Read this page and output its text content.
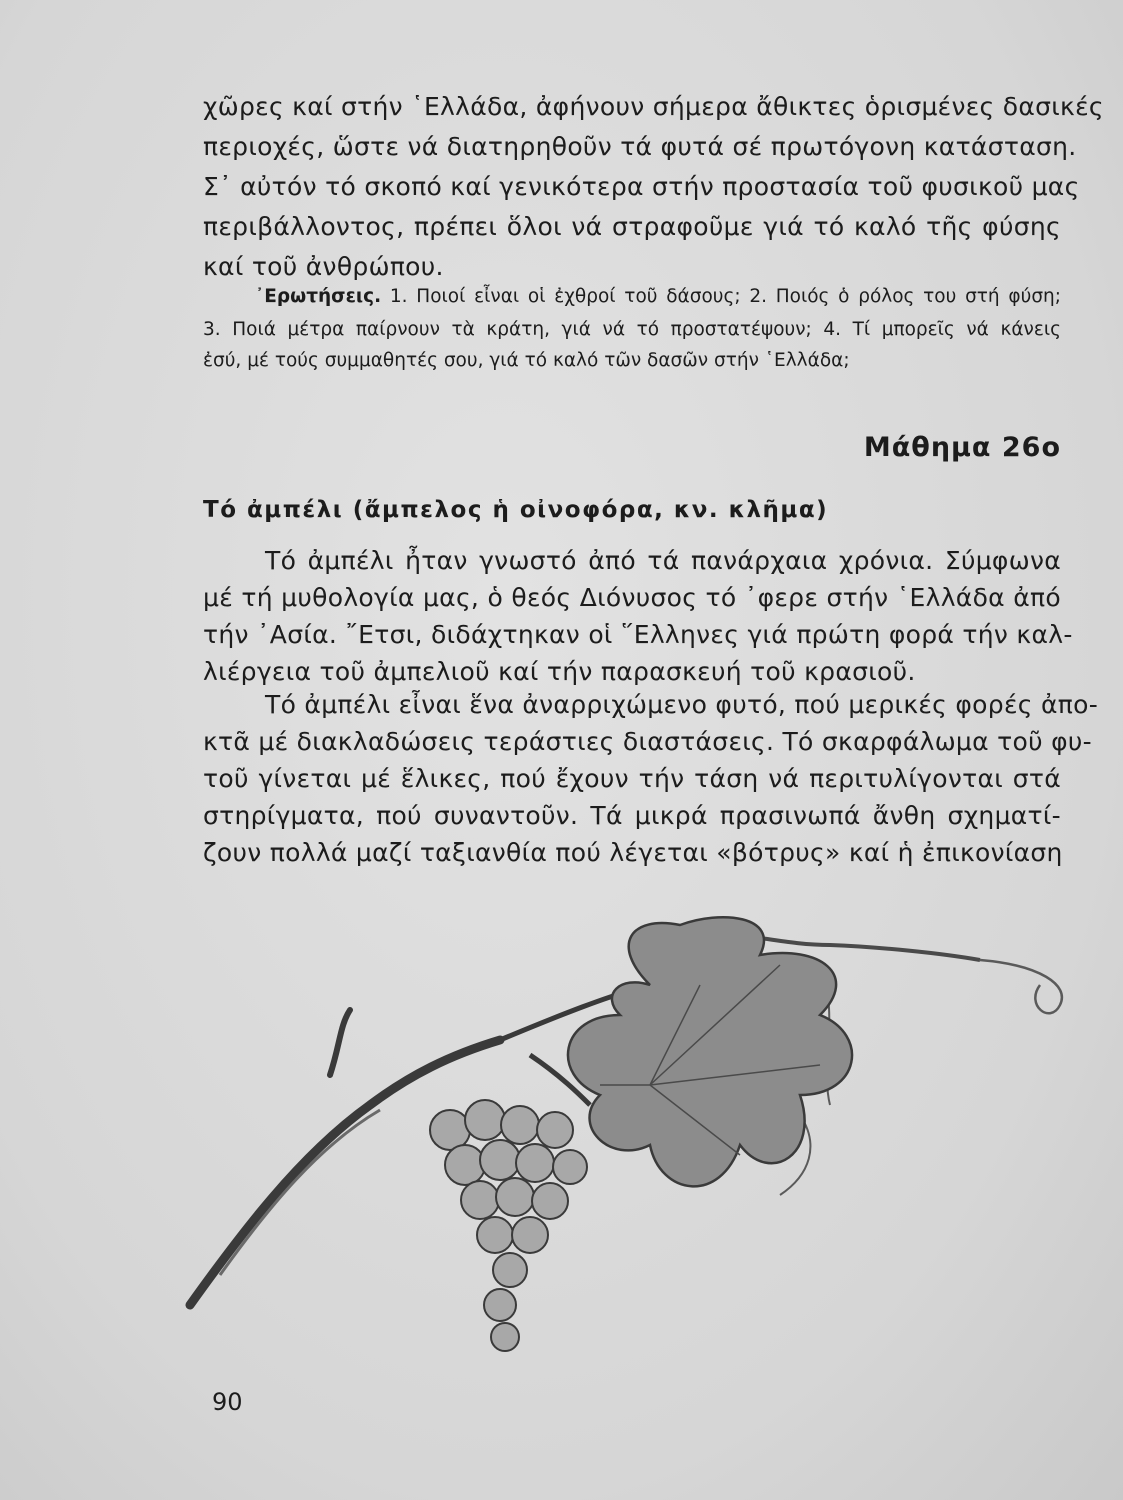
χῶρες καί στήν ῾Ελλάδα, ἀφήνουν σήμερα ἄθικτες ὁρισμένες δασικές
περιοχές, ὥστε νά διατηρηθοῦν τά φυτά σέ πρωτόγονη κατάσταση.
Σ᾿ αὐτόν τό σκοπό καί γενικότερα στήν προστασία τοῦ φυσικοῦ μας
περιβάλλοντος, πρέπει ὅλοι νά στραφοῦμε γιά τό καλό τῆς φύσης
καί τοῦ ἀνθρώπου.
᾿Ερωτήσεις. 1. Ποιοί εἶναι οἱ ἐχθροί τοῦ δάσους; 2. Ποιός ὁ ρόλος του στή φύση;
3. Ποιά μέτρα παίρνουν τὰ κράτη, γιά νά τό προστατέψουν; 4. Τί μπορεῖς νά κάνεις
ἐσύ, μέ τούς συμμαθητές σου, γιά τό καλό τῶν δασῶν στήν ῾Ελλάδα;
Μάθημα 26ο
Τό ἀμπέλι (ἄμπελος ἡ οἰνοφόρα, κν. κλῆμα)
Τό ἀμπέλι ἦταν γνωστό ἀπό τά πανάρχαια χρόνια. Σύμφωνα
μέ τή μυθολογία μας, ὁ θεός Διόνυσος τό ᾿φερε στήν ῾Ελλάδα ἀπό
τήν ᾿Ασία. ῎Ετσι, διδάχτηκαν οἱ ῞Ελληνες γιά πρώτη φορά τήν καλ-
λιέργεια τοῦ ἀμπελιοῦ καί τήν παρασκευή τοῦ κρασιοῦ.
Τό ἀμπέλι εἶναι ἕνα ἀναρριχώμενο φυτό, πού μερικές φορές ἀπο-
κτᾶ μέ διακλαδώσεις τεράστιες διαστάσεις. Τό σκαρφάλωμα τοῦ φυ-
τοῦ γίνεται μέ ἕλικες, πού ἔχουν τήν τάση νά περιτυλίγονται στά
στηρίγματα, πού συναντοῦν. Τά μικρά πρασινωπά ἄνθη σχηματί-
ζουν πολλά μαζί ταξιανθία πού λέγεται «βότρυς» καί ἡ ἐπικονίαση
90
